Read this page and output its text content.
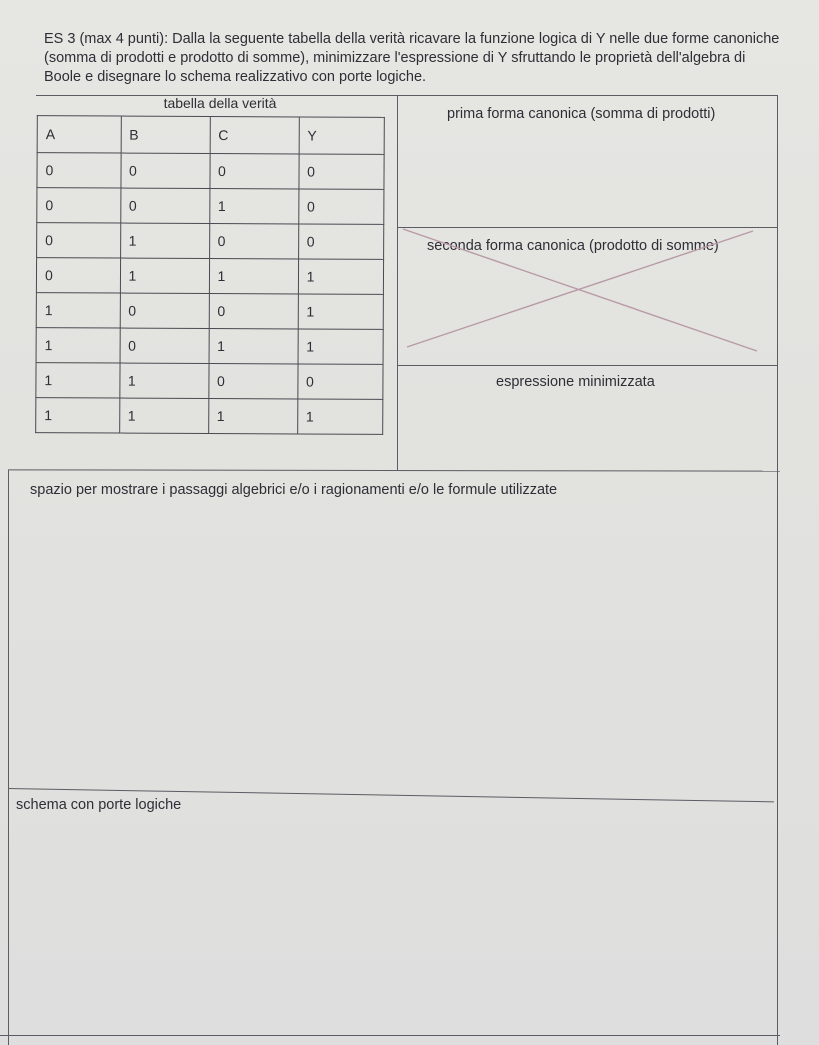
ES 3 (max 4 punti): Dalla la seguente tabella della verità ricavare la funzione logica di Y nelle due forme canoniche (somma di prodotti e prodotto di somme), minimizzare l'espressione di Y sfruttando le proprietà dell'algebra di Boole e disegnare lo schema realizzativo con porte logiche.

tabella della verità
A	B	C	Y
0	0	0	0
0	0	1	0
0	1	0	0
0	1	1	1
1	0	0	1
1	0	1	1
1	1	0	0
1	1	1	1
prima forma canonica (somma di prodotti)
seconda forma canonica (prodotto di somme)
espressione minimizzata
spazio per mostrare i passaggi algebrici e/o i ragionamenti e/o le formule utilizzate
schema con porte logiche
